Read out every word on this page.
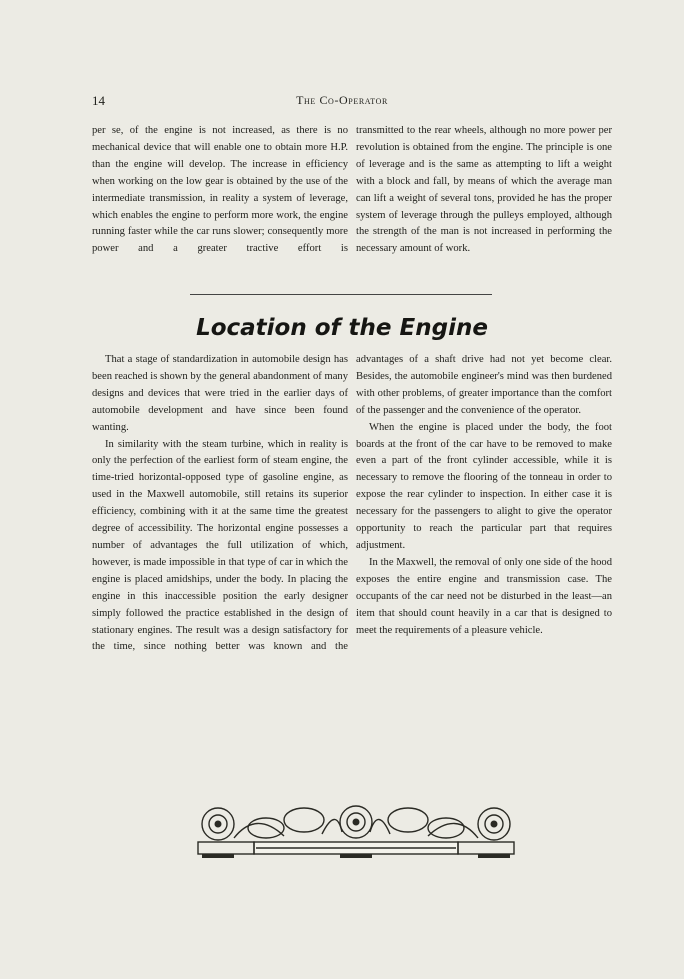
14	The Co-Operator

per se, of the engine is not increased, as there is no mechanical device that will enable one to obtain more H.P. than the engine will develop. The increase in efficiency when working on the low gear is obtained by the use of the intermediate transmission, in reality a system of leverage, which enables the engine to perform more work, the engine running faster while the car runs slower; consequently more power and a greater tractive effort is

transmitted to the rear wheels, although no more power per revolution is obtained from the engine. The principle is one of leverage and is the same as attempting to lift a weight with a block and fall, by means of which the average man can lift a weight of several tons, provided he has the proper system of leverage through the pulleys employed, although the strength of the man is not increased in performing the necessary amount of work.

Location of the Engine

That a stage of standardization in automobile design has been reached is shown by the general abandonment of many designs and devices that were tried in the earlier days of automobile development and have since been found wanting.

In similarity with the steam turbine, which in reality is only the perfection of the earliest form of steam engine, the time-tried horizontal-opposed type of gasoline engine, as used in the Maxwell automobile, still retains its superior efficiency, combining with it at the same time the greatest degree of accessibility. The horizontal engine possesses a number of advantages the full utilization of which, however, is made impossible in that type of car in which the engine is placed amidships, under the body. In placing the engine in this inaccessible position the early designer simply followed the practice established in the design of stationary engines. The result was a design satisfactory for the time, since nothing better was known and the

advantages of a shaft drive had not yet become clear. Besides, the automobile engineer's mind was then burdened with other problems, of greater importance than the comfort of the passenger and the convenience of the operator.

When the engine is placed under the body, the foot boards at the front of the car have to be removed to make even a part of the front cylinder accessible, while it is necessary to remove the flooring of the tonneau in order to expose the rear cylinder to inspection. In either case it is necessary for the passengers to alight to give the operator opportunity to reach the particular part that requires adjustment.

In the Maxwell, the removal of only one side of the hood exposes the entire engine and transmission case. The occupants of the car need not be disturbed in the least—an item that should count heavily in a car that is designed to meet the requirements of a pleasure vehicle.
